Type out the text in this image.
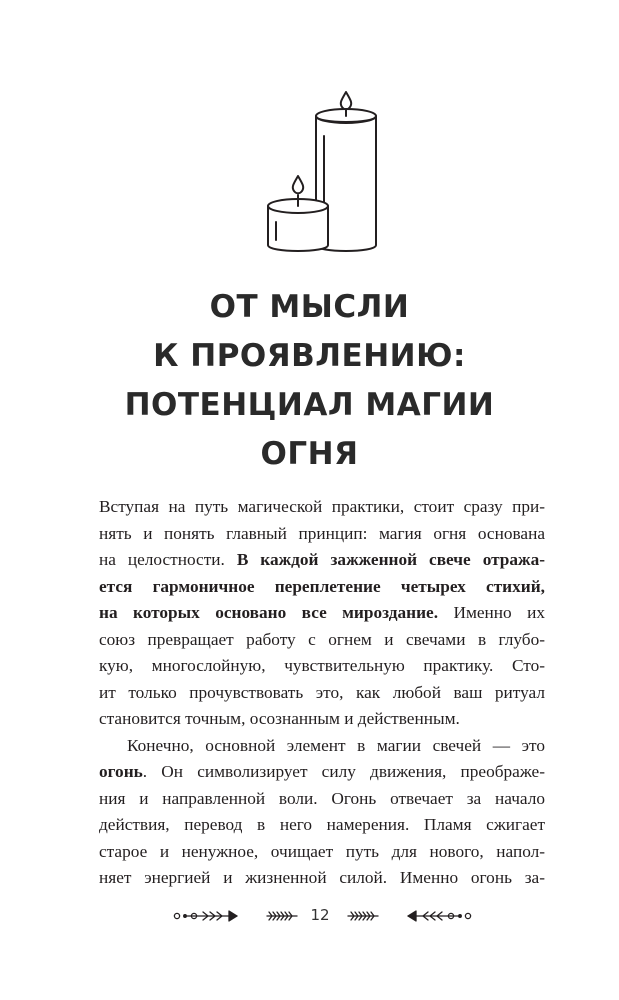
ОТ МЫСЛИ
К ПРОЯВЛЕНИЮ:
ПОТЕНЦИАЛ МАГИИ
ОГНЯ
Вступая на путь магической практики, стоит сразу при-
нять и понять главный принцип: магия огня основана
на целостности. В каждой зажженной свече отража-
ется гармоничное переплетение четырех стихий,
на которых основано все мироздание. Именно их
союз превращает работу с огнем и свечами в глубо-
кую, многослойную, чувствительную практику. Сто-
ит только прочувствовать это, как любой ваш ритуал
становится точным, осознанным и действенным.
Конечно, основной элемент в магии свечей — это
огонь. Он символизирует силу движения, преображе-
ния и направленной воли. Огонь отвечает за начало
действия, перевод в него намерения. Пламя сжигает
старое и ненужное, очищает путь для нового, напол-
няет энергией и жизненной силой. Именно огонь за-
12
